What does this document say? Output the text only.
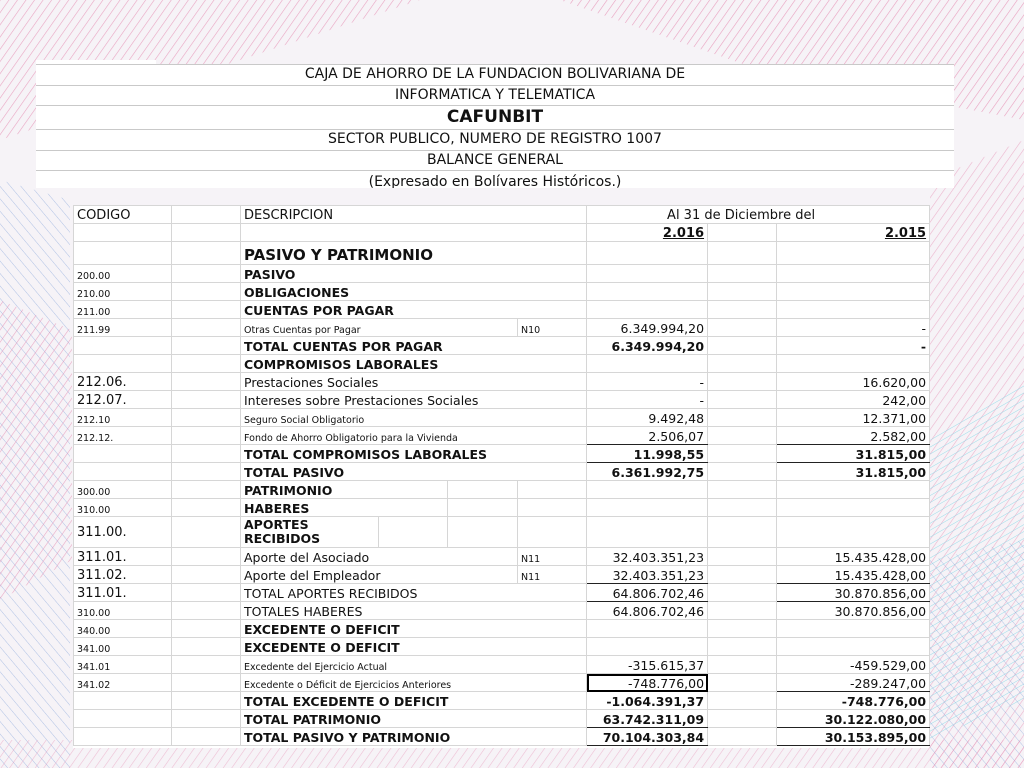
CAJA DE AHORRO DE LA FUNDACION BOLIVARIANA DE
INFORMATICA Y TELEMATICA
CAFUNBIT
SECTOR PUBLICO, NUMERO DE REGISTRO 1007
BALANCE GENERAL
(Expresado en Bolívares Históricos.)
CODIGO		DESCRIPCION				Al 31 de Diciembre del		
						2.016		2.015
		PASIVO Y PATRIMONIO						
200.00		PASIVO						
210.00		OBLIGACIONES						
211.00		CUENTAS POR PAGAR						
211.99		Otras Cuentas por Pagar			N10	6.349.994,20		-
		TOTAL CUENTAS POR PAGAR				6.349.994,20		-
		COMPROMISOS LABORALES						
212.06.		Prestaciones Sociales				-		16.620,00
212.07.		Intereses sobre Prestaciones Sociales				-		242,00
212.10		Seguro Social Obligatorio				9.492,48		12.371,00
212.12.		Fondo de Ahorro Obligatorio para la Vivienda				2.506,07		2.582,00
		TOTAL COMPROMISOS LABORALES				11.998,55		31.815,00
		TOTAL PASIVO				6.361.992,75		31.815,00
300.00		PATRIMONIO						
310.00		HABERES						
311.00.		APORTES
RECIBIDOS						

311.01.		Aporte del Asociado			N11	32.403.351,23		15.435.428,00
311.02.		Aporte del Empleador			N11	32.403.351,23		15.435.428,00
311.01.		TOTAL APORTES RECIBIDOS				64.806.702,46		30.870.856,00
310.00		TOTALES HABERES				64.806.702,46		30.870.856,00
340.00		EXCEDENTE O DEFICIT						
341.00		EXCEDENTE O DEFICIT						
341.01		Excedente del Ejercicio Actual				-315.615,37		-459.529,00
341.02		Excedente o Déficit de Ejercicios Anteriores				-748.776,00		-289.247,00
		TOTAL EXCEDENTE O DEFICIT				-1.064.391,37		-748.776,00
		TOTAL PATRIMONIO				63.742.311,09		30.122.080,00
		TOTAL PASIVO Y PATRIMONIO				70.104.303,84		30.153.895,00
